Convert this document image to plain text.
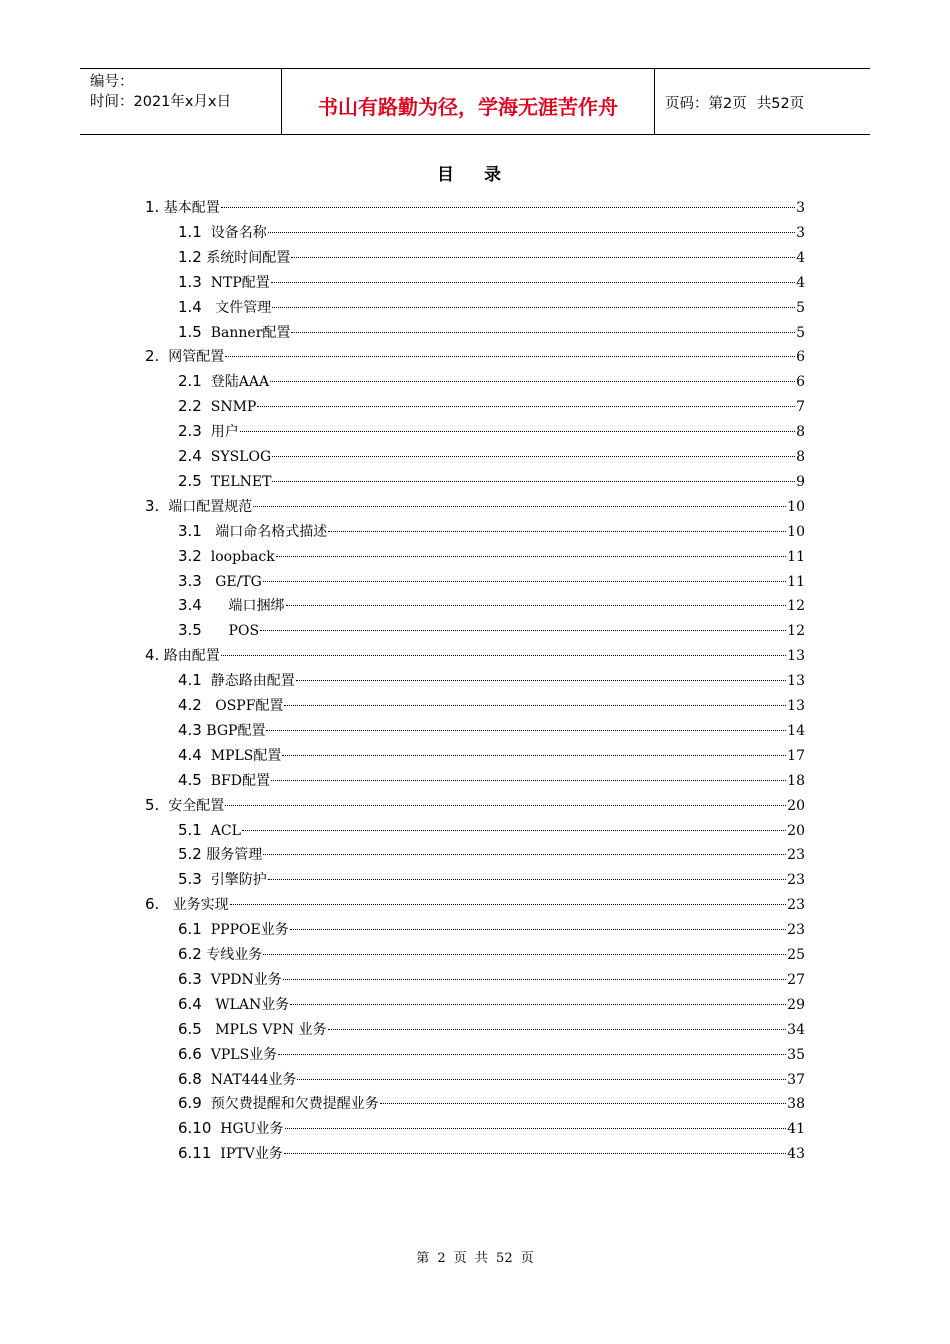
编号：
时间：2021年x月x日	书山有路勤为径，学海无涯苦作舟	页码：第2页 共52页
目 录
1. 基本配置	3
1.1 设备名称	3
1.2 系统时间配置	4
1.3 NTP配置	4
1.4 文件管理	5
1.5 Banner配置	5
2. 网管配置	6
2.1 登陆AAA	6
2.2 SNMP	7
2.3 用户	8
2.4 SYSLOG	8
2.5 TELNET	9
3. 端口配置规范	10
3.1 端口命名格式描述	10
3.2 loopback	11
3.3 GE/TG	11
3.4 端口捆绑	12
3.5 POS	12
4. 路由配置	13
4.1 静态路由配置	13
4.2 OSPF配置	13
4.3 BGP配置	14
4.4 MPLS配置	17
4.5 BFD配置	18
5. 安全配置	20
5.1 ACL	20
5.2 服务管理	23
5.3 引擎防护	23
6. 业务实现	23
6.1 PPPOE业务	23
6.2 专线业务	25
6.3 VPDN业务	27
6.4 WLAN业务	29
6.5 MPLS VPN 业务	34
6.6 VPLS业务	35
6.8 NAT444业务	37
6.9 预欠费提醒和欠费提醒业务	38
6.10 HGU业务	41
6.11 IPTV业务	43
第 2 页 共 52 页
